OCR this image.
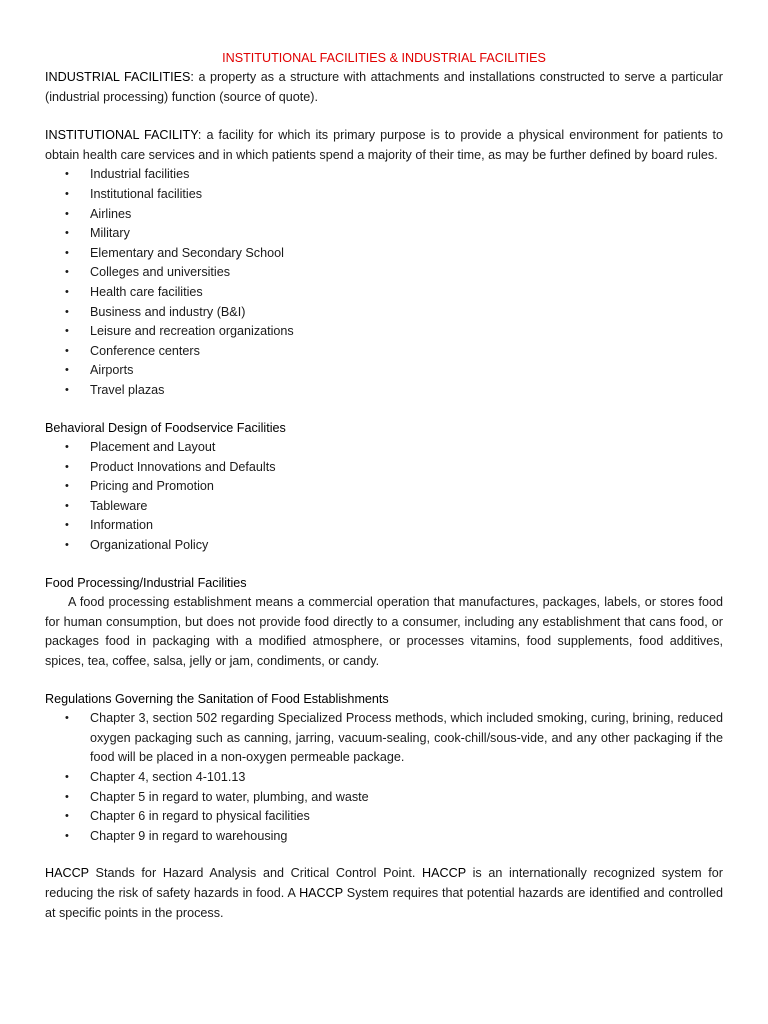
INSTITUTIONAL FACILITIES & INDUSTRIAL FACILITIES

INDUSTRIAL FACILITIES: a property as a structure with attachments and installations constructed to serve a particular (industrial processing) function (source of quote).

INSTITUTIONAL FACILITY: a facility for which its primary purpose is to provide a physical environment for patients to obtain health care services and in which patients spend a majority of their time, as may be further defined by board rules.

• Industrial facilities
• Institutional facilities
• Airlines
• Military
• Elementary and Secondary School
• Colleges and universities
• Health care facilities
• Business and industry (B&I)
• Leisure and recreation organizations
• Conference centers
• Airports
• Travel plazas

Behavioral Design of Foodservice Facilities

• Placement and Layout
• Product Innovations and Defaults
• Pricing and Promotion
• Tableware
• Information
• Organizational Policy

Food Processing/Industrial Facilities

A food processing establishment means a commercial operation that manufactures, packages, labels, or stores food for human consumption, but does not provide food directly to a consumer, including any establishment that cans food, or packages food in packaging with a modified atmosphere, or processes vitamins, food supplements, food additives, spices, tea, coffee, salsa, jelly or jam, condiments, or candy.

Regulations Governing the Sanitation of Food Establishments

• Chapter 3, section 502 regarding Specialized Process methods, which included smoking, curing, brining, reduced oxygen packaging such as canning, jarring, vacuum-sealing, cook-chill/sous-vide, and any other packaging if the food will be placed in a non-oxygen permeable package.
• Chapter 4, section 4-101.13
• Chapter 5 in regard to water, plumbing, and waste
• Chapter 6 in regard to physical facilities
• Chapter 9 in regard to warehousing

HACCP Stands for Hazard Analysis and Critical Control Point. HACCP is an internationally recognized system for reducing the risk of safety hazards in food. A HACCP System requires that potential hazards are identified and controlled at specific points in the process.
